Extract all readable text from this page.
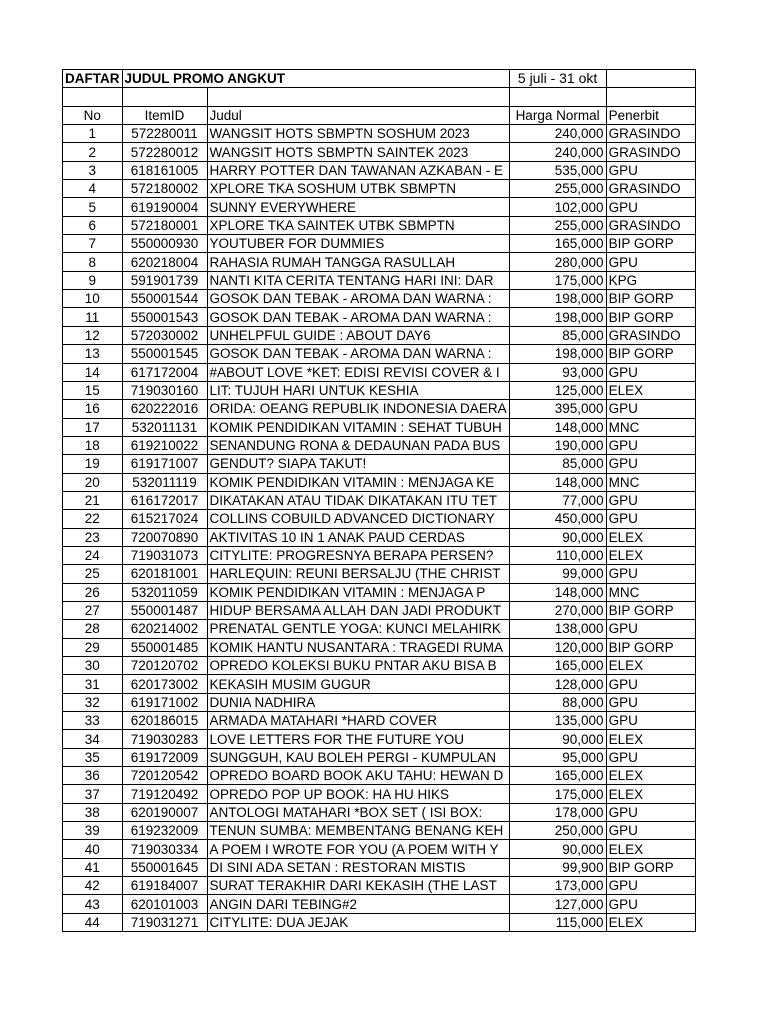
DAFTAR	JUDUL PROMO ANGKUT		5 juli - 31 okt	

No	ItemID	Judul	Harga Normal	Penerbit
1	572280011	WANGSIT HOTS SBMPTN SOSHUM 2023	240,000	GRASINDO
2	572280012	WANGSIT HOTS SBMPTN SAINTEK 2023	240,000	GRASINDO
3	618161005	HARRY POTTER DAN TAWANAN AZKABAN - E	535,000	GPU
4	572180002	XPLORE TKA SOSHUM UTBK SBMPTN	255,000	GRASINDO
5	619190004	SUNNY EVERYWHERE	102,000	GPU
6	572180001	XPLORE TKA SAINTEK UTBK SBMPTN	255,000	GRASINDO
7	550000930	YOUTUBER FOR DUMMIES	165,000	BIP GORP
8	620218004	RAHASIA RUMAH TANGGA RASULLAH	280,000	GPU
9	591901739	NANTI KITA CERITA TENTANG HARI INI: DAR	175,000	KPG
10	550001544	GOSOK DAN TEBAK - AROMA DAN WARNA :	198,000	BIP GORP
11	550001543	GOSOK DAN TEBAK - AROMA DAN WARNA :	198,000	BIP GORP
12	572030002	UNHELPFUL GUIDE : ABOUT DAY6	85,000	GRASINDO
13	550001545	GOSOK DAN TEBAK - AROMA DAN WARNA :	198,000	BIP GORP
14	617172004	#ABOUT LOVE *KET: EDISI REVISI COVER & I	93,000	GPU
15	719030160	LIT: TUJUH HARI UNTUK KESHIA	125,000	ELEX
16	620222016	ORIDA: OEANG REPUBLIK INDONESIA DAERA	395,000	GPU
17	532011131	KOMIK PENDIDIKAN VITAMIN : SEHAT TUBUH	148,000	MNC
18	619210022	SENANDUNG RONA & DEDAUNAN PADA BUS	190,000	GPU
19	619171007	GENDUT? SIAPA TAKUT!	85,000	GPU
20	532011119	KOMIK PENDIDIKAN VITAMIN : MENJAGA KE	148,000	MNC
21	616172017	DIKATAKAN ATAU TIDAK DIKATAKAN ITU TET	77,000	GPU
22	615217024	COLLINS COBUILD ADVANCED DICTIONARY	450,000	GPU
23	720070890	AKTIVITAS 10 IN 1 ANAK PAUD CERDAS	90,000	ELEX
24	719031073	CITYLITE: PROGRESNYA BERAPA PERSEN?	110,000	ELEX
25	620181001	HARLEQUIN: REUNI BERSALJU (THE CHRIST	99,000	GPU
26	532011059	KOMIK PENDIDIKAN VITAMIN : MENJAGA P	148,000	MNC
27	550001487	HIDUP BERSAMA ALLAH DAN JADI PRODUKT	270,000	BIP GORP
28	620214002	PRENATAL GENTLE YOGA: KUNCI MELAHIRK	138,000	GPU
29	550001485	KOMIK HANTU NUSANTARA : TRAGEDI RUMA	120,000	BIP GORP
30	720120702	OPREDO KOLEKSI BUKU PNTAR AKU BISA B	165,000	ELEX
31	620173002	KEKASIH MUSIM GUGUR	128,000	GPU
32	619171002	DUNIA NADHIRA	88,000	GPU
33	620186015	ARMADA MATAHARI *HARD COVER	135,000	GPU
34	719030283	LOVE LETTERS FOR THE FUTURE YOU	90,000	ELEX
35	619172009	SUNGGUH, KAU BOLEH PERGI - KUMPULAN	95,000	GPU
36	720120542	OPREDO BOARD BOOK AKU TAHU: HEWAN D	165,000	ELEX
37	719120492	OPREDO POP UP BOOK: HA HU HIKS	175,000	ELEX
38	620190007	ANTOLOGI MATAHARI *BOX SET ( ISI BOX:	178,000	GPU
39	619232009	TENUN SUMBA: MEMBENTANG BENANG KEH	250,000	GPU
40	719030334	A POEM I WROTE FOR YOU (A POEM WITH Y	90,000	ELEX
41	550001645	DI SINI ADA SETAN : RESTORAN MISTIS	99,900	BIP GORP
42	619184007	SURAT TERAKHIR DARI KEKASIH (THE LAST	173,000	GPU
43	620101003	ANGIN DARI TEBING#2	127,000	GPU
44	719031271	CITYLITE: DUA JEJAK	115,000	ELEX
